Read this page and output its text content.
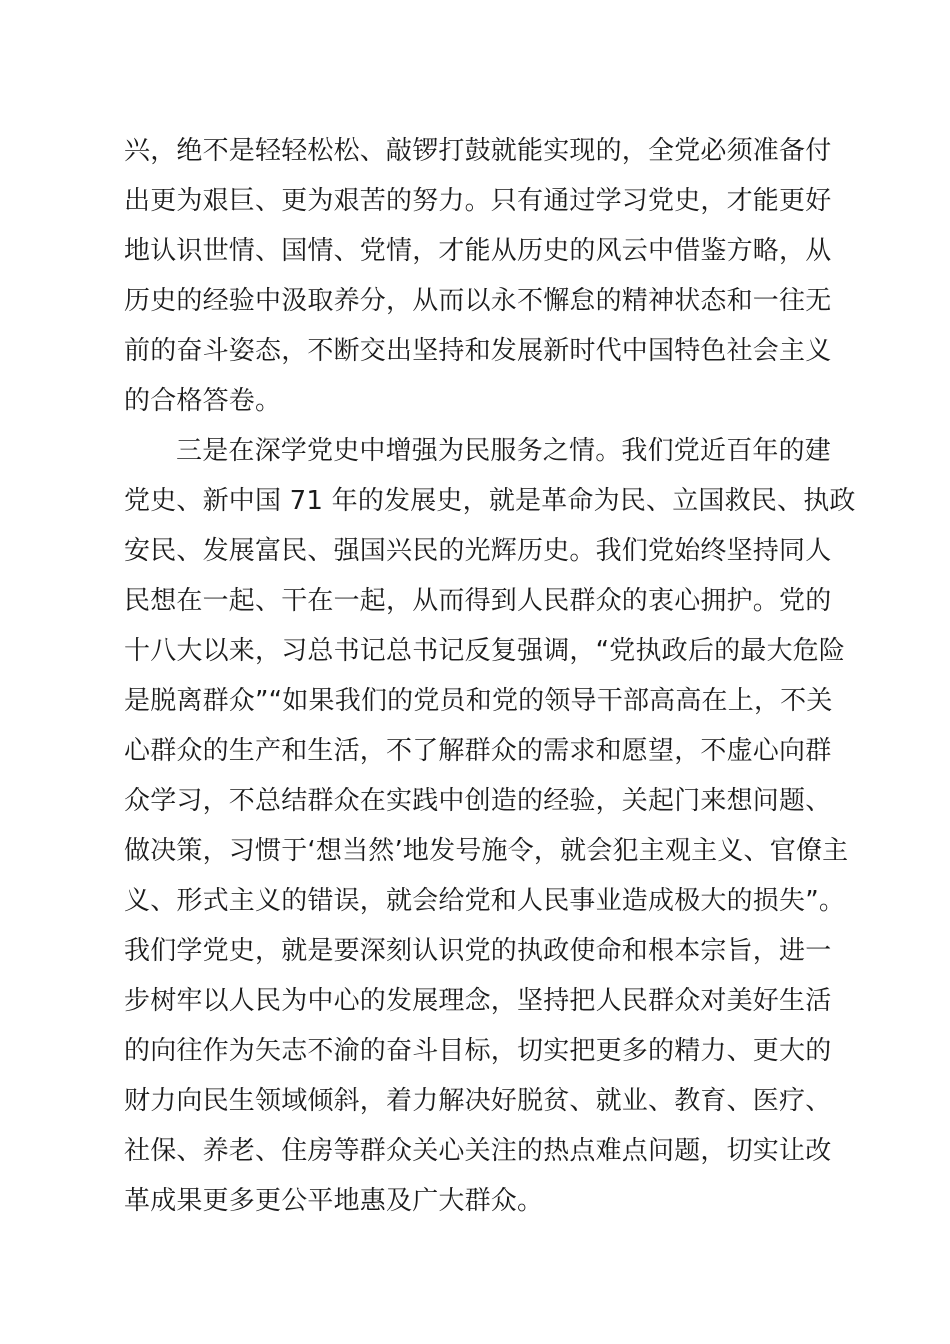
兴，绝不是轻轻松松、敲锣打鼓就能实现的，全党必须准备付
出更为艰巨、更为艰苦的努力。只有通过学习党史，才能更好
地认识世情、国情、党情，才能从历史的风云中借鉴方略，从
历史的经验中汲取养分，从而以永不懈怠的精神状态和一往无
前的奋斗姿态，不断交出坚持和发展新时代中国特色社会主义
的合格答卷。
三是在深学党史中增强为民服务之情。我们党近百年的建
党史、新中国 71 年的发展史，就是革命为民、立国救民、执政
安民、发展富民、强国兴民的光辉历史。我们党始终坚持同人
民想在一起、干在一起，从而得到人民群众的衷心拥护。党的
十八大以来，习总书记总书记反复强调，“党执政后的最大危险
是脱离群众”“如果我们的党员和党的领导干部高高在上，不关
心群众的生产和生活，不了解群众的需求和愿望，不虚心向群
众学习，不总结群众在实践中创造的经验，关起门来想问题、
做决策，习惯于‘想当然’地发号施令，就会犯主观主义、官僚主
义、形式主义的错误，就会给党和人民事业造成极大的损失”。
我们学党史，就是要深刻认识党的执政使命和根本宗旨，进一
步树牢以人民为中心的发展理念，坚持把人民群众对美好生活
的向往作为矢志不渝的奋斗目标，切实把更多的精力、更大的
财力向民生领域倾斜，着力解决好脱贫、就业、教育、医疗、
社保、养老、住房等群众关心关注的热点难点问题，切实让改
革成果更多更公平地惠及广大群众。
